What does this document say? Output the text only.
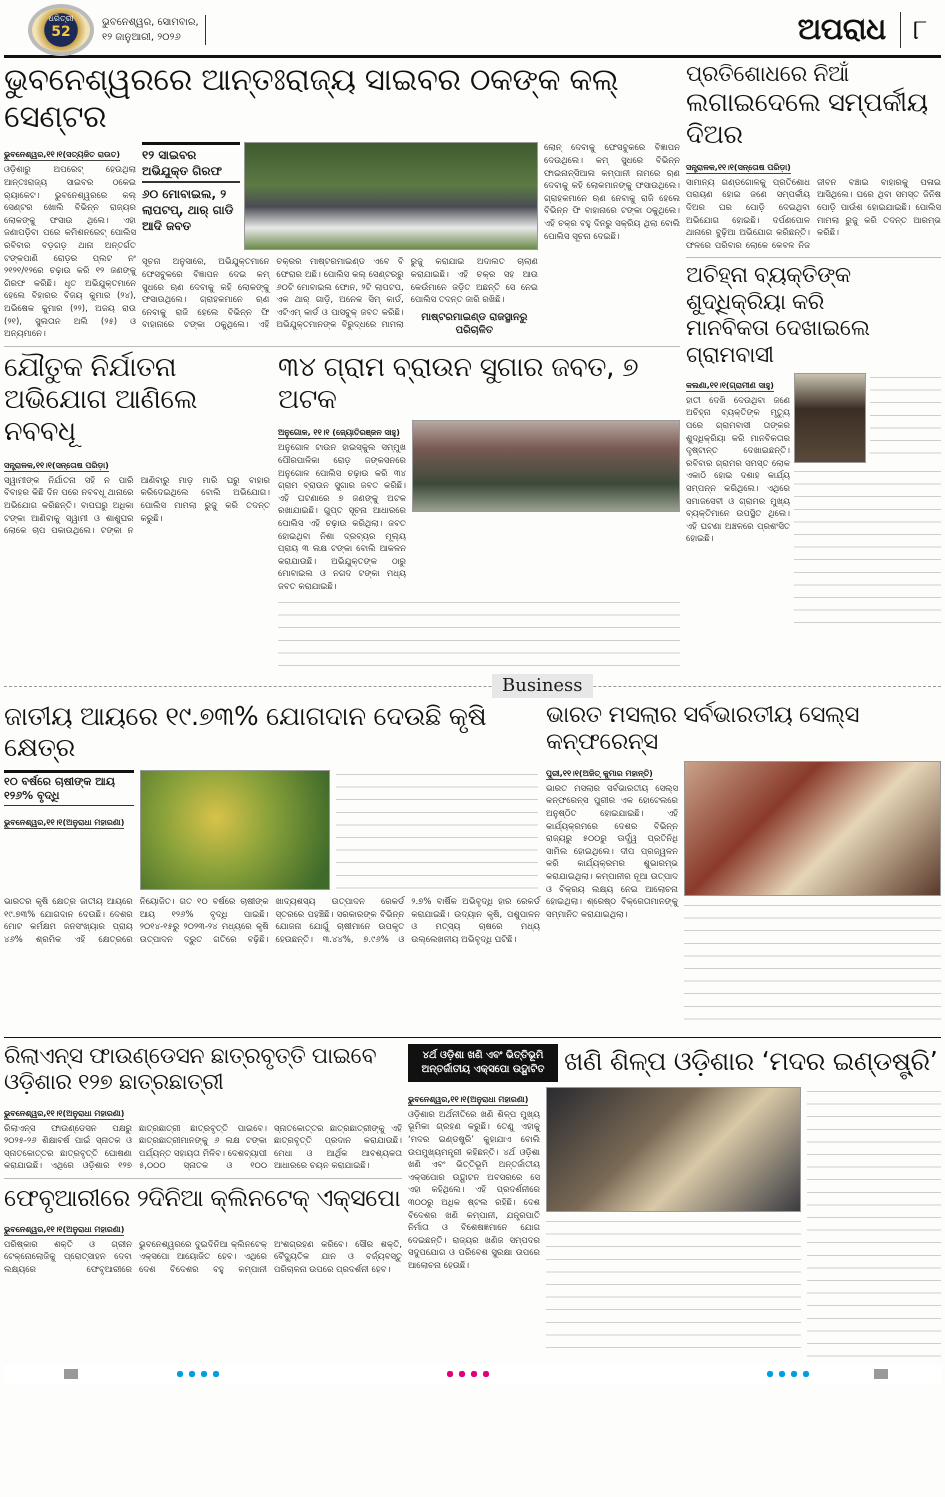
ଧରିତ୍ରୀ
52
ଭୁବନେଶ୍ୱର, ସୋମବାର,
୧୨ ଜାନୁଆରୀ, ୨୦୨୬	ଅପରାଧ ୮
ଭୁବନେଶ୍ୱରରେ ଆନ୍ତଃରାଜ୍ୟ ସାଇବର ଠକଙ୍କ କଲ୍ ସେଣ୍ଟର
ଭୁବନେଶ୍ୱର,୧୧।୧(ସତ୍ୟଜିତ ରାଉତ)
ଓଡ଼ିଶାରୁ ଅପରେଟ୍ ହେଉଥିଲା ଆନ୍ତଃରାଜ୍ୟ ସାଇବର ଠକେଇ ର୍‍ୟାକେଟ। ଭୁବନେଶ୍ୱରରେ କଲ୍ ସେଣ୍ଟର ଖୋଲି ବିଭିନ୍ନ ରାଜ୍ୟର ଲୋକଙ୍କୁ ଫସାଉ ଥିଲେ। ଏହା ଜଣାପଡ଼ିବା ପରେ କମିଶନରେଟ୍ ପୋଲିସ ରବିବାର ବଡ଼ଗଡ଼ ଥାନା ଅନ୍ତର୍ଗତ ଟଙ୍କପାଣି ରୋଡ଼ର ପ୍ଲଟ ନଂ ୨୧୨୧/୧୨ରେ ଚଢ଼ାଉ କରି ୧୨ ଜଣଙ୍କୁ ଗିରଫ କରିଛି। ଧୃତ ଅଭିଯୁକ୍ତମାନେ ହେଲେ ବିହାରର ବିଜୟ କୁମାର (୨୪), ଅଭିଷେକ କୁମାର (୨୨), ଅଜୟ ରାଉ (୨୧), ସୁଲତାନ ଅଲି (୨୫) ଓ ଅନ୍ୟମାନେ।
୧୨ ସାଇବର ଅଭିଯୁକ୍ତ ଗିରଫ
୬୦ ମୋବାଇଲ, ୨ ଲାପଟପ୍, ଥାର୍ ଗାଡି ଆଦି ଜବତ
ସୂଚନା ଅନୁସାରେ, ଅଭିଯୁକ୍ତମାନେ ଫେସବୁକରେ ବିଜ୍ଞାପନ ଦେଇ କମ୍ ସୁଧରେ ଋଣ ଦେବାକୁ କହି ଲୋକଙ୍କୁ ଫସାଉଥିଲେ। ଗ୍ରାହକମାନେ ଋଣ ନେବାକୁ ରାଜି ହେଲେ ବିଭିନ୍ନ ଫି ବାହାନାରେ ଟଙ୍କା ଠକୁଥିଲେ। ଏହି ଚକ୍ରର ମାଷ୍ଟରମାଇଣ୍ଡ ଏବେ ବି ଫେରାର ଅଛି। ପୋଲିସ କଲ୍ ସେଣ୍ଟରରୁ ୬୦ଟି ମୋବାଇଲ ଫୋନ, ୨ଟି ଲାପଟପ, ଏକ ଥାର୍ ଗାଡ଼ି, ଅନେକ ସିମ୍ କାର୍ଡ, ଏଟିଏମ୍ କାର୍ଡ ଓ ପାସବୁକ୍ ଜବତ କରିଛି। ଅଭିଯୁକ୍ତମାନଙ୍କ ବିରୁଦ୍ଧରେ ମାମଲା ରୁଜୁ କରାଯାଇ ଅଦାଲତ ଚାଲାଣ କରାଯାଇଛି। ଏହି ଚକ୍ର ସହ ଆଉ କେଉଁମାନେ ଜଡ଼ିତ ଅଛନ୍ତି ସେ ନେଇ ପୋଲିସ ତଦନ୍ତ ଜାରି ରଖିଛି।
ମାଷ୍ଟରମାଇଣ୍ଡ ରାଜସ୍ଥାନରୁ ପରିଚାଳିତ
ଲୋନ୍ ଦେବାକୁ ଫେସବୁକରେ ବିଜ୍ଞାପନ ଦେଉଥିଲେ। କମ୍ ସୁଧରେ ବିଭିନ୍ନ ଫାଇନାନ୍ସିଆଲ କମ୍ପାନୀ ନାମରେ ଋଣ ଦେବାକୁ କହି ଲୋକମାନଙ୍କୁ ଫସାଉଥିଲେ। ଗ୍ରାହକମାନେ ଋଣ ନେବାକୁ ରାଜି ହେଲେ ବିଭିନ୍ନ ଫି ବାହାନାରେ ଟଙ୍କା ଠକୁଥିଲେ। ଏହି ଚକ୍ର ବହୁ ଦିନରୁ ସକ୍ରିୟ ଥିଲା ବୋଲି ପୋଲିସ ସୂଚନା ଦେଇଛି।
ଯୌତୁକ ନିର୍ଯାତନା
ଅଭିଯୋଗ ଆଣିଲେ ନବବଧୂ
ସନ୍ତ୍ରାଳକ,୧୧।୧(ସନ୍ତୋଷ ପରିଡ଼ା)
ସ୍ୱାମୀଙ୍କ ନିର୍ଯାତନା ସହି ନ ପାରି ବିବାହର କିଛି ଦିନ ପରେ ନବବଧୂ ଥାନାରେ ଅଭିଯୋଗ କରିଛନ୍ତି। ବାପଘରୁ ଅଧିକା ଟଙ୍କା ଆଣିବାକୁ ସ୍ୱାମୀ ଓ ଶାଶୁଘର ଲୋକେ ଚାପ ପକାଉଥିଲେ। ଟଙ୍କା ନ ଆଣିବାରୁ ମାଡ଼ ମାରି ଘରୁ ବାହାର କରିଦେଇଥିଲେ ବୋଲି ଅଭିଯୋଗ। ପୋଲିସ ମାମଲା ରୁଜୁ କରି ତଦନ୍ତ କରୁଛି।
୩୪ ଗ୍ରାମ ବ୍ରାଉନ ସୁଗାର ଜବତ, ୭ ଅଟକ
ଅନୁଗୋଳ, ୧୧।୧ (ଜ୍ୟୋତିରଞ୍ଜନ ସାହୁ)
ଅନୁଗୋଳ ଟାଉନ ହାଇସ୍କୁଲ ସମ୍ମୁଖ ପୌରପାଳିକା ରୋଡ଼ ଜଙ୍କସନରେ ଅନୁଗୋଳ ପୋଲିସ ଚଢ଼ାଉ କରି ୩୪ ଗ୍ରାମ ବ୍ରାଉନ ସୁଗାର ଜବତ କରିଛି। ଏହି ଘଟଣାରେ ୭ ଜଣଙ୍କୁ ଅଟକ ରଖାଯାଇଛି। ଗୁପ୍ତ ସୂଚନା ଆଧାରରେ ପୋଲିସ ଏହି ଚଢ଼ାଉ କରିଥିଲା। ଜବତ ହୋଇଥିବା ନିଶା ଦ୍ରବ୍ୟର ମୂଲ୍ୟ ପ୍ରାୟ ୩ ଲକ୍ଷ ଟଙ୍କା ବୋଲି ଆକଳନ କରାଯାଉଛି। ଅଭିଯୁକ୍ତଙ୍କ ଠାରୁ ମୋବାଇଲ ଓ ନଗଦ ଟଙ୍କା ମଧ୍ୟ ଜବତ କରାଯାଇଛି।
ପ୍ରତିଶୋଧରେ ନିଆଁ
ଲଗାଇଦେଲେ ସମ୍ପର୍କୀୟ ଦିଅର
ସନ୍ତ୍ରାଳକ,୧୧।୧(ସନ୍ତୋଷ ପରିଡ଼ା)
ସାମାନ୍ୟ ଗଣ୍ଡଗୋଳକୁ ପ୍ରତିଶୋଧ ପରାୟଣ ହୋଇ ଜଣେ ସମ୍ପର୍କୀୟ ଦିଅର ଘର ପୋଡ଼ି ଦେଇଥିବା ଅଭିଯୋଗ ହୋଇଛି। ଦର୍ପଣପୋଳ ଥାନାରେ ବୁଢ଼ିଆ ଅଭିଯୋଗ କରିଛନ୍ତି। ଫଳରେ ପରିବାର ଲୋକେ କେବଳ ନିଜ ଜୀବନ ବଞ୍ଚାଇ ବାହାରକୁ ପଳାଇ ଆସିଥିଲେ। ଘରେ ଥିବା ସମସ୍ତ ଜିନିଷ ପୋଡ଼ି ପାଉଁଶ ହୋଇଯାଇଛି। ପୋଲିସ ମାମଲା ରୁଜୁ କରି ତଦନ୍ତ ଆରମ୍ଭ କରିଛି।
ଅଚିହ୍ନା ବ୍ୟକ୍ତିଙ୍କ ଶୁଦ୍ଧିକ୍ରିୟା କରି
ମାନବିକତା ଦେଖାଇଲେ ଗ୍ରାମବାସୀ
କଲଣା,୧୧।୧(ଗ୍ରାମୀଣ ସାହୁ)
ହାତୀ ଦେଖି ଦେଉଥିବା ଜଣେ ଅଚିହ୍ନା ବ୍ୟକ୍ତିଙ୍କ ମୃତ୍ୟୁ ପରେ ଗ୍ରାମବାସୀ ତାଙ୍କର ଶୁଦ୍ଧିକ୍ରିୟା କରି ମାନବିକତାର ଦୃଷ୍ଟାନ୍ତ ଦେଖାଇଛନ୍ତି। ରବିବାର ଗ୍ରାମର ସମସ୍ତ ଲୋକ ଏକାଠି ହୋଇ ଦଶାହ କାର୍ଯ୍ୟ ସମ୍ପନ୍ନ କରିଥିଲେ। ଏଥିରେ ସମାଜସେବୀ ଓ ଗ୍ରାମର ମୁଖ୍ୟ ବ୍ୟକ୍ତିମାନେ ଉପସ୍ଥିତ ଥିଲେ। ଏହି ଘଟଣା ଅଞ୍ଚଳରେ ପ୍ରଶଂସିତ ହୋଇଛି।
Business
ଜାତୀୟ ଆୟରେ ୧୯.୭୩% ଯୋଗଦାନ ଦେଉଛି କୃଷି କ୍ଷେତ୍ର
୧୦ ବର୍ଷରେ ଚାଷୀଙ୍କ ଆୟ ୧୨୬% ବୃଦ୍ଧି
ଭୁବନେଶ୍ୱର,୧୧।୧(ଅନୁରାଧା ମହାରଣା)
ଭାରତର କୃଷି କ୍ଷେତ୍ର ଜାତୀୟ ଆୟରେ ୧୯.୭୩% ଯୋଗଦାନ ଦେଉଛି। ଦେଶର ମୋଟ କର୍ମକ୍ଷମ ଜନସଂଖ୍ୟାର ପ୍ରାୟ ୪୬% ଶ୍ରମିକ ଏହି କ୍ଷେତ୍ରରେ ନିୟୋଜିତ। ଗତ ୧୦ ବର୍ଷରେ ଚାଷୀଙ୍କ ଆୟ ୧୨୬% ବୃଦ୍ଧି ପାଇଛି। ୨୦୧୪-୧୫ରୁ ୨୦୨୩-୨୪ ମଧ୍ୟରେ କୃଷି ଉତ୍ପାଦନ ଦ୍ରୁତ ଗତିରେ ବଢ଼ିଛି। ଖାଦ୍ୟଶସ୍ୟ ଉତ୍ପାଦନ ରେକର୍ଡ ସ୍ତରରେ ପହଞ୍ଚିଛି। ସରକାରଙ୍କ ବିଭିନ୍ନ ଯୋଜନା ଯୋଗୁଁ ଚାଷୀମାନେ ଉପକୃତ ହେଉଛନ୍ତି। ୩.୪୪%, ୭.୯୬% ଓ ୨.୭% ବାର୍ଷିକ ଅଭିବୃଦ୍ଧି ହାର ରେକର୍ଡ କରାଯାଇଛି। ଉଦ୍ୟାନ କୃଷି, ପଶୁପାଳନ ଓ ମତ୍ସ୍ୟ ଚାଷରେ ମଧ୍ୟ ଉଲ୍ଲେଖନୀୟ ଅଭିବୃଦ୍ଧି ଘଟିଛି।
ଭାରତ ମସଲାର ସର୍ବଭାରତୀୟ ସେଲ୍ସ କନ୍ଫରେନ୍ସ
ପୁରୀ,୧୧।୧(ଅଜିତ୍ କୁମାର ମହାନ୍ତି)
ଭାରତ ମସଲାର ସର୍ବଭାରତୀୟ ସେଲ୍ସ କନ୍ଫରେନ୍ସ ପୁରୀର ଏକ ହୋଟେଲରେ ଅନୁଷ୍ଠିତ ହୋଇଯାଇଛି। ଏହି କାର୍ଯ୍ୟକ୍ରମରେ ଦେଶର ବିଭିନ୍ନ ରାଜ୍ୟରୁ ୫୦୦ରୁ ଊର୍ଦ୍ଧ୍ୱ ପ୍ରତିନିଧି ସାମିଲ ହୋଇଥିଲେ। ଦୀପ ପ୍ରଜ୍ୱଳନ କରି କାର୍ଯ୍ୟକ୍ରମର ଶୁଭାରମ୍ଭ କରାଯାଇଥିଲା। କମ୍ପାନୀର ନୂଆ ଉତ୍ପାଦ ଓ ବିକ୍ରୟ ଲକ୍ଷ୍ୟ ନେଇ ଆଲୋଚନା ହୋଇଥିଲା। ଶ୍ରେଷ୍ଠ ବିକ୍ରେତାମାନଙ୍କୁ ସମ୍ମାନିତ କରାଯାଇଥିଲା।
ରିଲାଏନ୍ସ ଫାଉଣ୍ଡେସନ ଛାତ୍ରବୃତ୍ତି ପାଇବେ ଓଡ଼ିଶାର ୧୨୭ ଛାତ୍ରଛାତ୍ରୀ
ଭୁବନେଶ୍ୱର,୧୧।୧(ଅନୁରାଧା ମହାରଣା)
ରିଲାଏନ୍ସ ଫାଉଣ୍ଡେସନ ପକ୍ଷରୁ ୨୦୨୫-୨୬ ଶିକ୍ଷାବର୍ଷ ପାଇଁ ସ୍ନାତକ ଓ ସ୍ନାତକୋତ୍ତର ଛାତ୍ରବୃତ୍ତି ଘୋଷଣା କରାଯାଇଛି। ଏଥିରେ ଓଡ଼ିଶାର ୧୨୭ ଛାତ୍ରଛାତ୍ରୀ ଛାତ୍ରବୃତ୍ତି ପାଇବେ। ଛାତ୍ରଛାତ୍ରୀମାନଙ୍କୁ ୬ ଲକ୍ଷ ଟଙ୍କା ପର୍ଯ୍ୟନ୍ତ ସହାୟତା ମିଳିବ। ଦେଶବ୍ୟାପୀ ୫,୦୦୦ ସ୍ନାତକ ଓ ୧୦୦ ସ୍ନାତକୋତ୍ତର ଛାତ୍ରଛାତ୍ରୀଙ୍କୁ ଏହି ଛାତ୍ରବୃତ୍ତି ପ୍ରଦାନ କରାଯାଉଛି। ମେଧା ଓ ଆର୍ଥିକ ଆବଶ୍ୟକତା ଆଧାରରେ ଚୟନ କରାଯାଇଛି।
ଫେବୃଆରୀରେ ୨ଦିନିଆ କ୍ଲିନଟେକ୍ ଏକ୍ସପୋ
ଭୁବନେଶ୍ୱର,୧୧।୧(ଅନୁରାଧା ମହାରଣା)
ପରିଷ୍କାର ଶକ୍ତି ଓ ଗ୍ରୀନ ଟେକ୍ନୋଲୋଜିକୁ ପ୍ରୋତ୍ସାହନ ଦେବା ଲକ୍ଷ୍ୟରେ ଫେବୃଆରୀରେ ଭୁବନେଶ୍ୱରରେ ଦୁଇଦିନିଆ କ୍ଲିନଟେକ୍ ଏକ୍ସପୋ ଆୟୋଜିତ ହେବ। ଏଥିରେ ଦେଶ ବିଦେଶର ବହୁ କମ୍ପାନୀ ଅଂଶଗ୍ରହଣ କରିବେ। ସୌର ଶକ୍ତି, ବୈଦ୍ୟୁତିକ ଯାନ ଓ ବର୍ଜ୍ୟବସ୍ତୁ ପରିଚାଳନା ଉପରେ ପ୍ରଦର୍ଶନୀ ହେବ।
୪ର୍ଥ ଓଡ଼ିଶା ଖଣି ଏବଂ ଭିତ୍ତିଭୂମି ଅନ୍ତର୍ଜାତୀୟ ଏକ୍ସପୋ ଉଦ୍ଘାଟିତ ଖଣି ଶିଳ୍ପ ଓଡ଼ିଶାର ‘ମଦର ଇଣ୍ଡଷ୍ଟ୍ରି’
ଭୁବନେଶ୍ୱର,୧୧।୧(ଅନୁରାଧା ମହାରଣା)
ଓଡ଼ିଶାର ଅର୍ଥନୀତିରେ ଖଣି ଶିଳ୍ପ ମୁଖ୍ୟ ଭୂମିକା ଗ୍ରହଣ କରୁଛି। ତେଣୁ ଏହାକୁ ‘ମଦର ଇଣ୍ଡଷ୍ଟ୍ରି’ କୁହାଯାଏ ବୋଲି ଉପମୁଖ୍ୟମନ୍ତ୍ରୀ କହିଛନ୍ତି। ୪ର୍ଥ ଓଡ଼ିଶା ଖଣି ଏବଂ ଭିତ୍ତିଭୂମି ଅନ୍ତର୍ଜାତୀୟ ଏକ୍ସପୋର ଉଦ୍ଘାଟନ ଅବସରରେ ସେ ଏହା କହିଥିଲେ। ଏହି ପ୍ରଦର୍ଶନୀରେ ୩୦୦ରୁ ଅଧିକ ଷ୍ଟଲ ରହିଛି। ଦେଶ ବିଦେଶର ଖଣି କମ୍ପାନୀ, ଯନ୍ତ୍ରପାତି ନିର୍ମାତା ଓ ବିଶେଷଜ୍ଞମାନେ ଯୋଗ ଦେଇଛନ୍ତି। ରାଜ୍ୟର ଖଣିଜ ସମ୍ପଦର ସଦୁପଯୋଗ ଓ ପରିବେଶ ସୁରକ୍ଷା ଉପରେ ଆଲୋଚନା ହେଉଛି।
